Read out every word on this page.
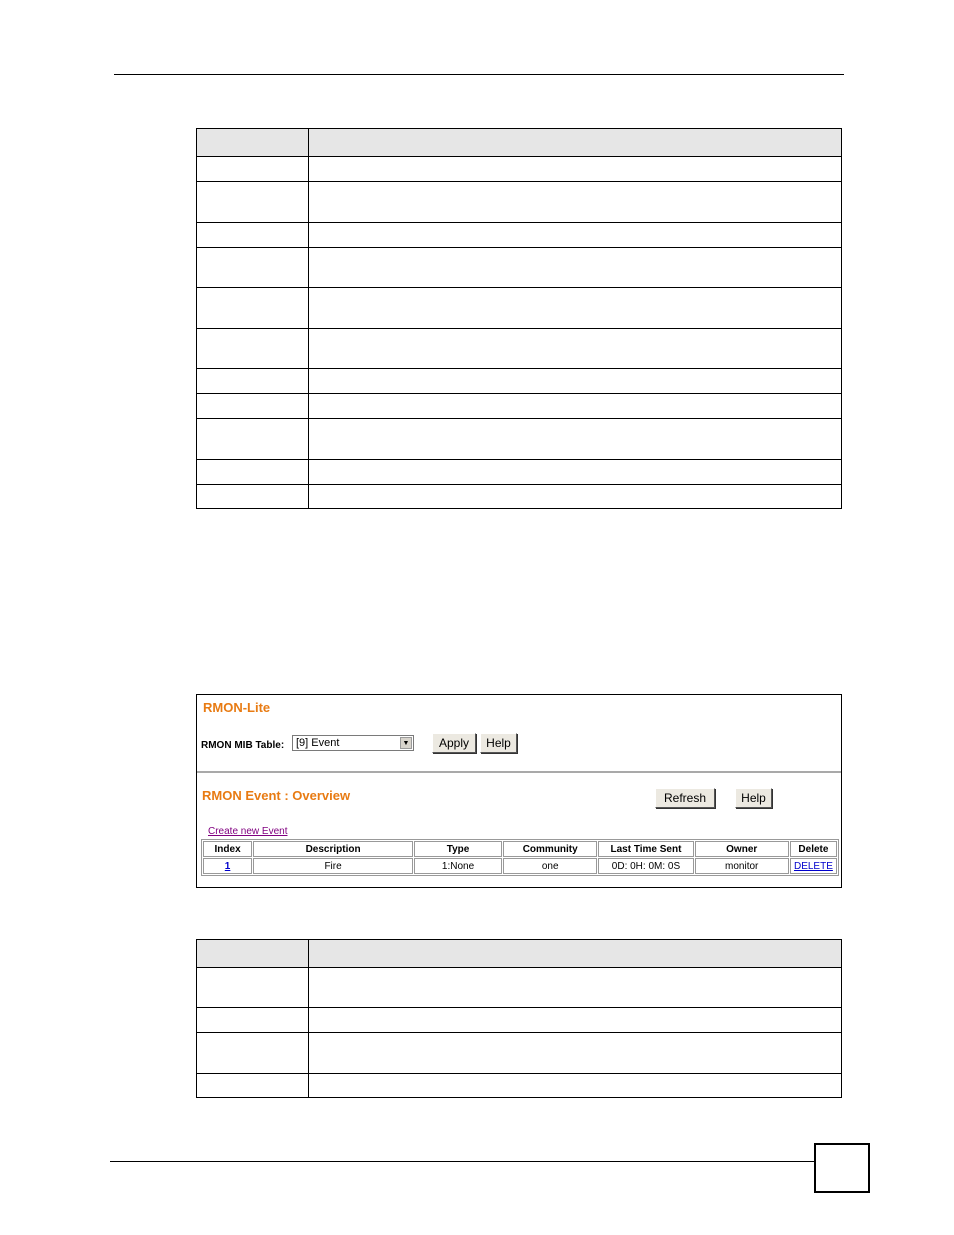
RMON-Lite
RMON MIB Table: [9] Event	▼	Apply	Help
RMON Event : Overview	Refresh	Help
Create new Event
Index	Description	Type	Community	Last Time Sent	Owner	Delete
1	Fire	1:None	one	0D: 0H: 0M: 0S	monitor	DELETE
